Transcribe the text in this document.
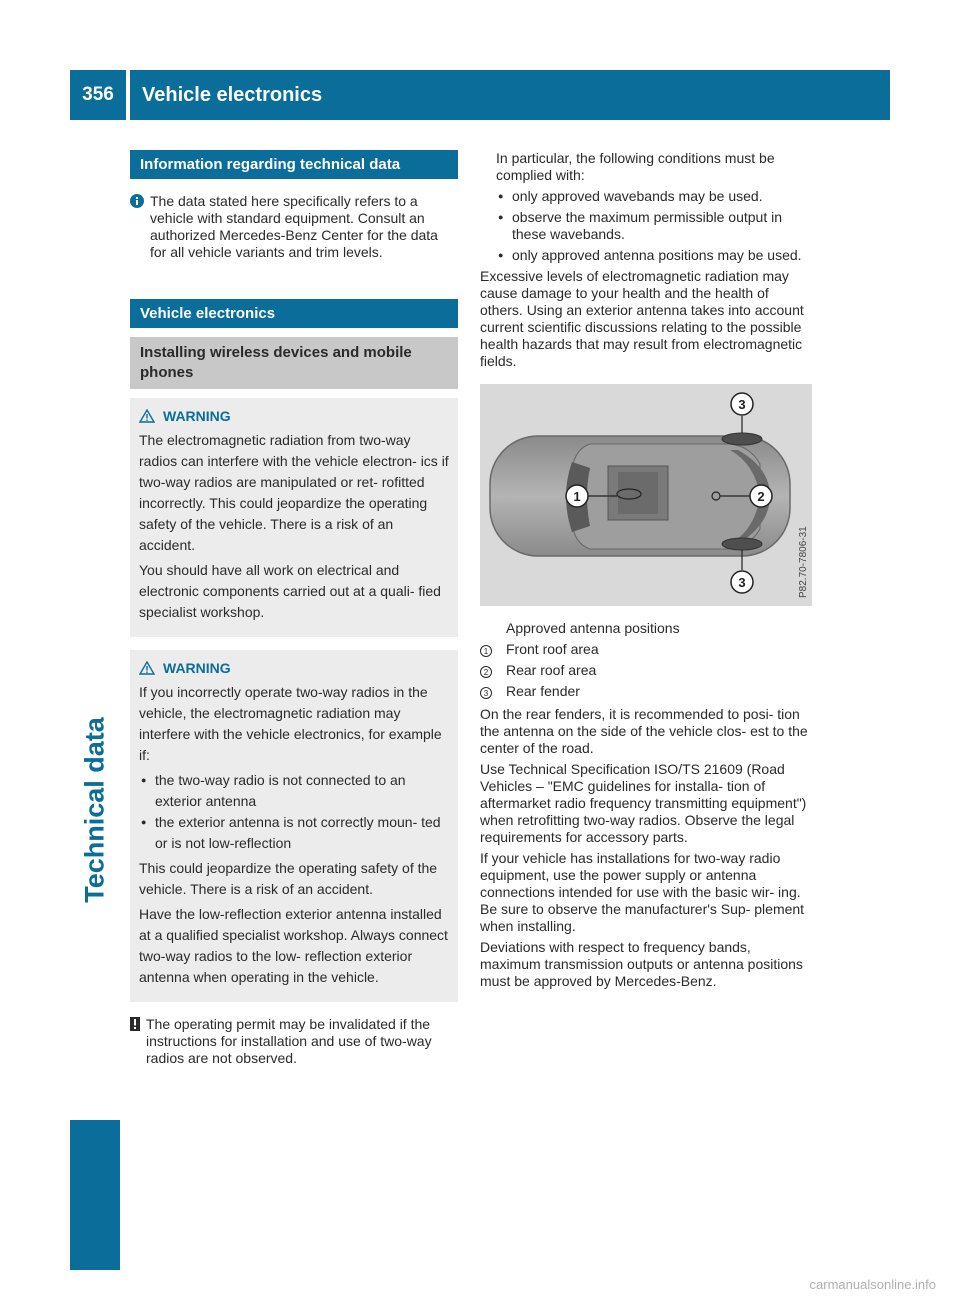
356	Vehicle electronics
Technical data
Information regarding technical data
The data stated here specifically refers to a vehicle with standard equipment. Consult an authorized Mercedes-Benz Center for the data for all vehicle variants and trim levels.
Vehicle electronics
Installing wireless devices and mobile phones
WARNING
The electromagnetic radiation from two-way radios can interfere with the vehicle electron- ics if two-way radios are manipulated or ret- rofitted incorrectly. This could jeopardize the operating safety of the vehicle. There is a risk of an accident.
You should have all work on electrical and electronic components carried out at a quali- fied specialist workshop.
WARNING
If you incorrectly operate two-way radios in the vehicle, the electromagnetic radiation may interfere with the vehicle electronics, for example if:
● the two-way radio is not connected to an exterior antenna
● the exterior antenna is not correctly moun- ted or is not low-reflection
This could jeopardize the operating safety of the vehicle. There is a risk of an accident.
Have the low-reflection exterior antenna installed at a qualified specialist workshop. Always connect two-way radios to the low- reflection exterior antenna when operating in the vehicle.
The operating permit may be invalidated if the instructions for installation and use of two-way radios are not observed.
In particular, the following conditions must be complied with:
● only approved wavebands may be used.
● observe the maximum permissible output in these wavebands.
● only approved antenna positions may be used.
Excessive levels of electromagnetic radiation may cause damage to your health and the health of others. Using an exterior antenna takes into account current scientific discussions relating to the possible health hazards that may result from electromagnetic fields.
1	2
3
3	P82.70-7806-31
Approved antenna positions
1	Front roof area
2	Rear roof area
3	Rear fender
On the rear fenders, it is recommended to posi- tion the antenna on the side of the vehicle clos- est to the center of the road.
Use Technical Specification ISO/TS 21609 (Road Vehicles – "EMC guidelines for installa- tion of aftermarket radio frequency transmitting equipment") when retrofitting two-way radios. Observe the legal requirements for accessory parts.
If your vehicle has installations for two-way radio equipment, use the power supply or antenna connections intended for use with the basic wir- ing. Be sure to observe the manufacturer's Sup- plement when installing.
Deviations with respect to frequency bands, maximum transmission outputs or antenna positions must be approved by Mercedes-Benz.
carmanualsonline.info
